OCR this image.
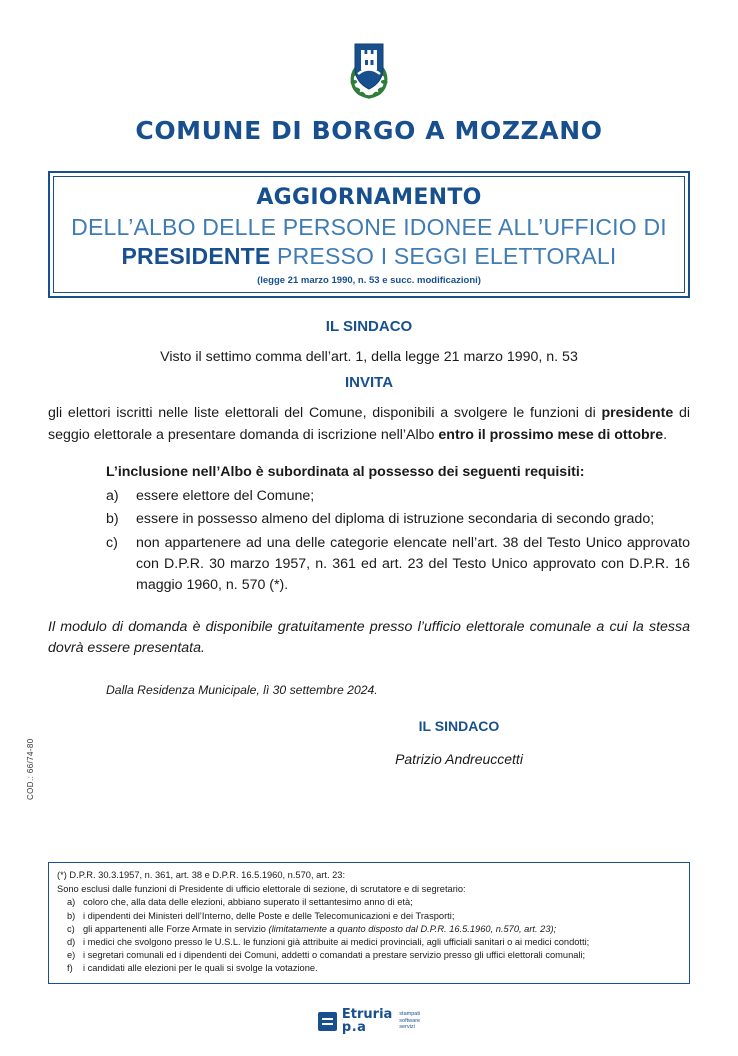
COMUNE DI BORGO A MOZZANO
AGGIORNAMENTO
DELL’ALBO DELLE PERSONE IDONEE ALL’UFFICIO DI
PRESIDENTE PRESSO I SEGGI ELETTORALI
(legge 21 marzo 1990, n. 53 e succ. modificazioni)
IL SINDACO
Visto il settimo comma dell’art. 1, della legge 21 marzo 1990, n. 53
INVITA
gli elettori iscritti nelle liste elettorali del Comune, disponibili a svolgere le funzioni di presidente di seggio elettorale a presentare domanda di iscrizione nell’Albo entro il prossimo mese di ottobre.
L’inclusione nell’Albo è subordinata al possesso dei seguenti requisiti:
a)	essere elettore del Comune;
b)	essere in possesso almeno del diploma di istruzione secondaria di secondo grado;
c)	non appartenere ad una delle categorie elencate nell’art. 38 del Testo Unico approvato con D.P.R. 30 marzo 1957, n. 361 ed art. 23 del Testo Unico approvato con D.P.R. 16 maggio 1960, n. 570 (*).
Il modulo di domanda è disponibile gratuitamente presso l’ufficio elettorale comunale a cui la stessa dovrà essere presentata.
Dalla Residenza Municipale, lì 30 settembre 2024.
IL SINDACO
Patrizio Andreuccetti
COD.: 66/74-80
(*) D.P.R. 30.3.1957, n. 361, art. 38 e D.P.R. 16.5.1960, n.570, art. 23:
Sono esclusi dalle funzioni di Presidente di ufficio elettorale di sezione, di scrutatore e di segretario:
a) coloro che, alla data delle elezioni, abbiano superato il settantesimo anno di età;
b) i dipendenti dei Ministeri dell’Interno, delle Poste e delle Telecomunicazioni e dei Trasporti;
c) gli appartenenti alle Forze Armate in servizio (limitatamente a quanto disposto dal D.P.R. 16.5.1960, n.570, art. 23);
d) i medici che svolgono presso le U.S.L. le funzioni già attribuite ai medici provinciali, agli ufficiali sanitari o ai medici condotti;
e) i segretari comunali ed i dipendenti dei Comuni, addetti o comandati a prestare servizio presso gli uffici elettorali comunali;
f)	i candidati alle elezioni per le quali si svolge la votazione.
Etruria
p.a
stampati
software
servizi
